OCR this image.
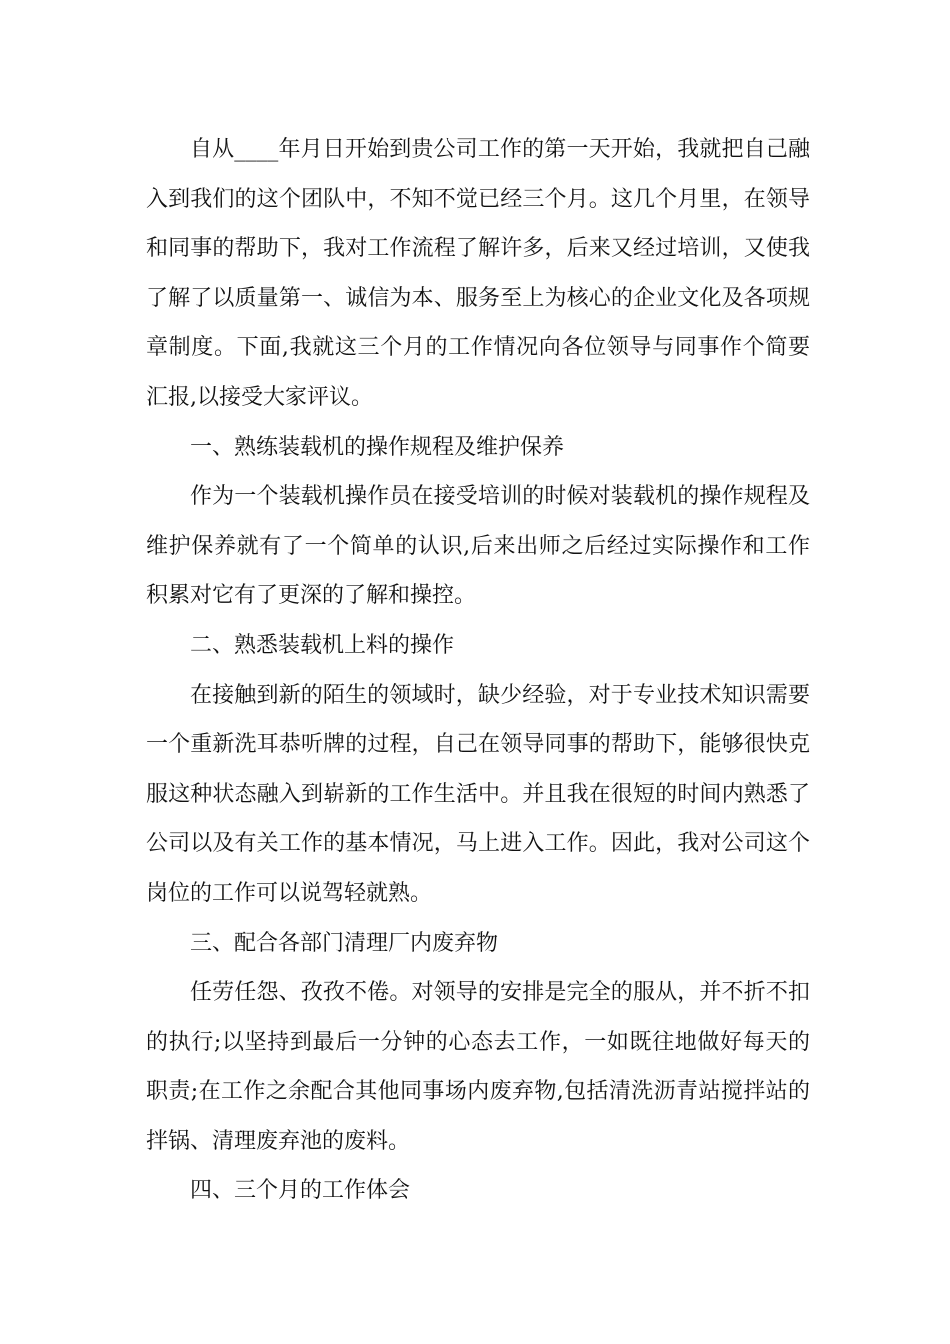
自从____年月日开始到贵公司工作的第一天开始，我就把自己融入到我们的这个团队中，不知不觉已经三个月。这几个月里，在领导和同事的帮助下，我对工作流程了解许多，后来又经过培训，又使我了解了以质量第一、诚信为本、服务至上为核心的企业文化及各项规章制度。下面,我就这三个月的工作情况向各位领导与同事作个简要汇报,以接受大家评议。

一、熟练装载机的操作规程及维护保养

作为一个装载机操作员在接受培训的时候对装载机的操作规程及维护保养就有了一个简单的认识,后来出师之后经过实际操作和工作积累对它有了更深的了解和操控。

二、熟悉装载机上料的操作

在接触到新的陌生的领域时，缺少经验，对于专业技术知识需要一个重新洗耳恭听牌的过程，自己在领导同事的帮助下，能够很快克服这种状态融入到崭新的工作生活中。并且我在很短的时间内熟悉了公司以及有关工作的基本情况，马上进入工作。因此，我对公司这个岗位的工作可以说驾轻就熟。

三、配合各部门清理厂内废弃物

任劳任怨、孜孜不倦。对领导的安排是完全的服从，并不折不扣的执行;以坚持到最后一分钟的心态去工作，一如既往地做好每天的职责;在工作之余配合其他同事场内废弃物,包括清洗沥青站搅拌站的拌锅、清理废弃池的废料。

四、三个月的工作体会
